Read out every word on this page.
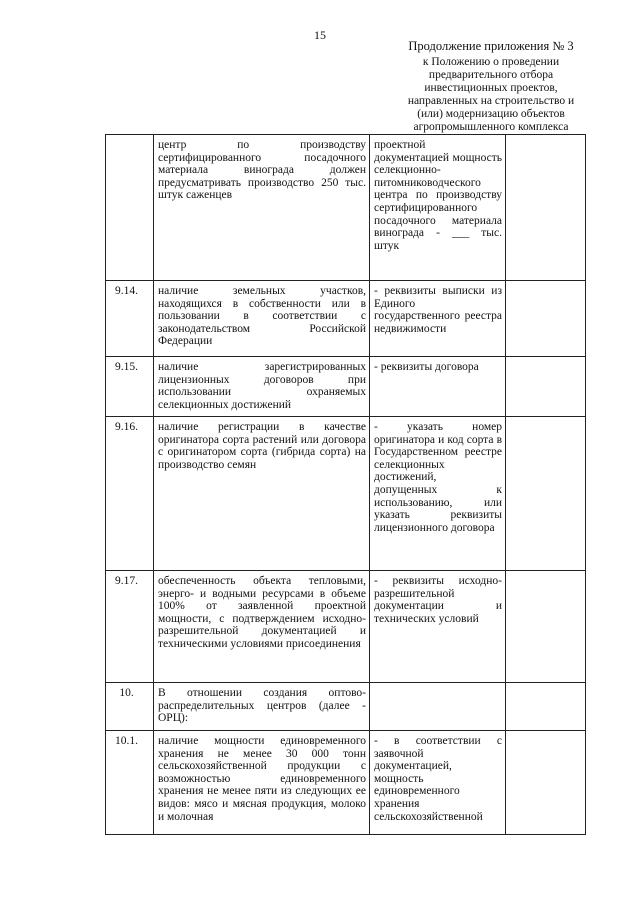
15
Продолжение приложения № 3
к Положению о проведении
предварительного отбора
инвестиционных проектов,
направленных на строительство и
(или) модернизацию объектов
агропромышленного комплекса
	центр по производству сертифицированного посадочного материала винограда должен предусматривать производство 250 тыс. штук саженцев	проектной документацией мощность селекционно-питомниководческого центра по производству сертифицированного посадочного материала винограда - ___ тыс. штук	
9.14.	наличие земельных участков, находящихся в собственности или в пользовании в соответствии с законодательством Российской Федерации	- реквизиты выписки из Единого государственного реестра недвижимости	
9.15.	наличие зарегистрированных лицензионных договоров при использовании охраняемых селекционных достижений	- реквизиты договора	
9.16.	наличие регистрации в качестве оригинатора сорта растений или договора с оригинатором сорта (гибрида сорта) на производство семян	- указать номер оригинатора и код сорта в Государственном реестре селекционных достижений, допущенных к использованию, или указать реквизиты лицензионного договора	
9.17.	обеспеченность объекта тепловыми, энерго- и водными ресурсами в объеме 100% от заявленной проектной мощности, с подтверждением исходно-разрешительной документацией и техническими условиями присоединения	- реквизиты исходно-разрешительной документации и технических условий	
10.	В отношении создания оптово-распределительных центров (далее - ОРЦ):		
10.1.	наличие мощности единовременного хранения не менее 30 000 тонн сельскохозяйственной продукции с возможностью единовременного хранения не менее пяти из следующих ее видов: мясо и мясная продукция, молоко и молочная	- в соответствии с заявочной документацией, мощность единовременного хранения сельскохозяйственной	
